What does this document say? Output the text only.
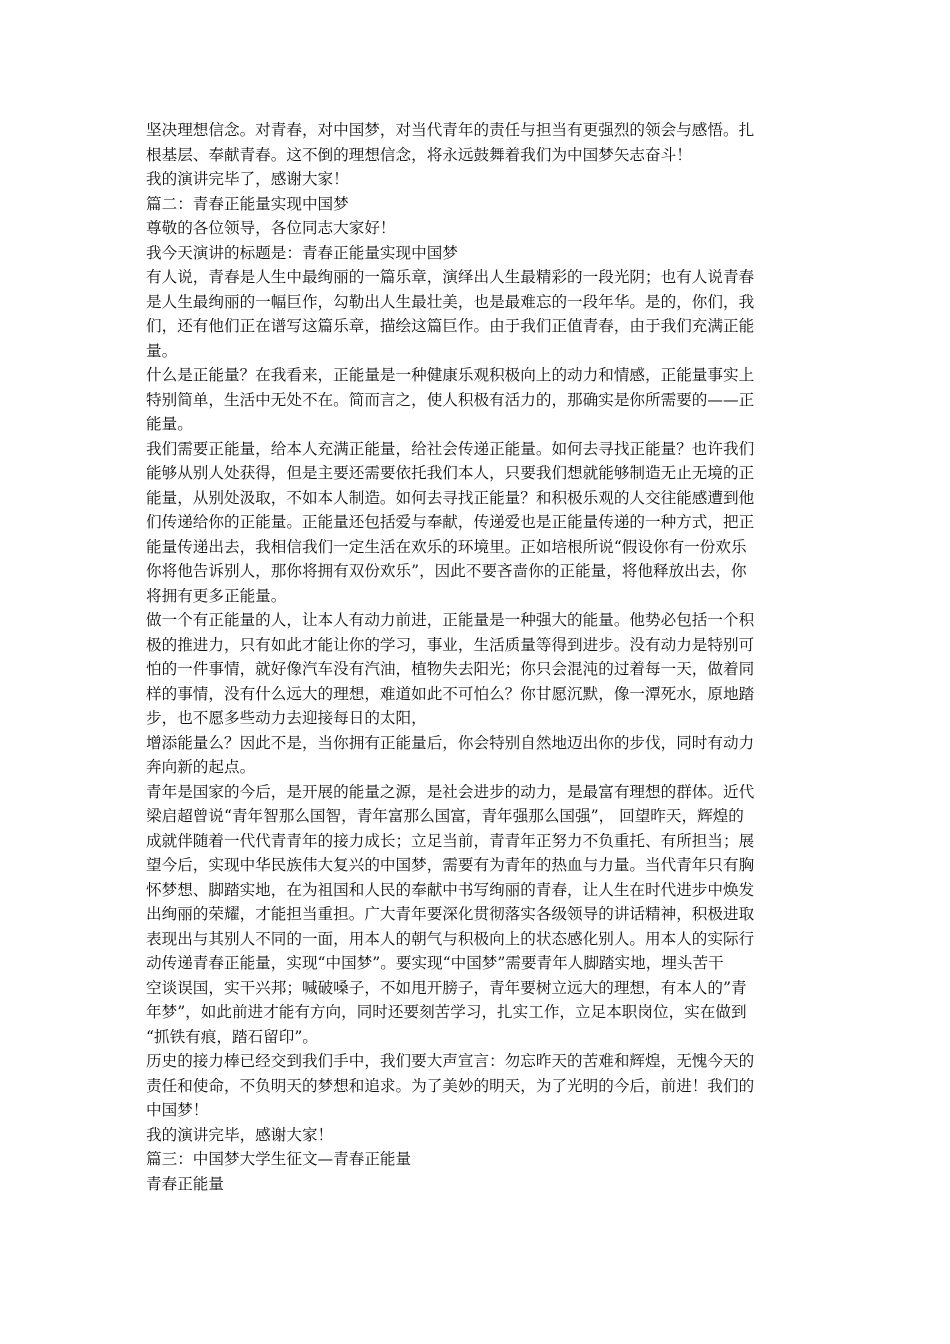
坚决理想信念。对青春，对中国梦，对当代青年的责任与担当有更强烈的领会与感悟。扎
根基层、奉献青春。这不倒的理想信念，将永远鼓舞着我们为中国梦矢志奋斗！
我的演讲完毕了，感谢大家！
篇二：青春正能量实现中国梦
尊敬的各位领导，各位同志大家好！
我今天演讲的标题是：青春正能量实现中国梦
有人说，青春是人生中最绚丽的一篇乐章，演绎出人生最精彩的一段光阴；也有人说青春
是人生最绚丽的一幅巨作，勾勒出人生最壮美，也是最难忘的一段年华。是的，你们，我
们，还有他们正在谱写这篇乐章，描绘这篇巨作。由于我们正值青春，由于我们充满正能
量。
什么是正能量？在我看来，正能量是一种健康乐观积极向上的动力和情感，正能量事实上
特别简单，生活中无处不在。简而言之，使人积极有活力的，那确实是你所需要的——正
能量。
我们需要正能量，给本人充满正能量，给社会传递正能量。如何去寻找正能量？也许我们
能够从别人处获得，但是主要还需要依托我们本人，只要我们想就能够制造无止无境的正
能量，从别处汲取，不如本人制造。如何去寻找正能量？和积极乐观的人交往能感遭到他
们传递给你的正能量。正能量还包括爱与奉献，传递爱也是正能量传递的一种方式，把正
能量传递出去，我相信我们一定生活在欢乐的环境里。正如培根所说“假设你有一份欢乐
你将他告诉别人，那你将拥有双份欢乐”，因此不要吝啬你的正能量，将他释放出去，你
将拥有更多正能量。
做一个有正能量的人，让本人有动力前进，正能量是一种强大的能量。他势必包括一个积
极的推进力，只有如此才能让你的学习，事业，生活质量等得到进步。没有动力是特别可
怕的一件事情，就好像汽车没有汽油，植物失去阳光；你只会混沌的过着每一天，做着同
样的事情，没有什么远大的理想，难道如此不可怕么？你甘愿沉默，像一潭死水，原地踏
步，也不愿多些动力去迎接每日的太阳，
增添能量么？因此不是，当你拥有正能量后，你会特别自然地迈出你的步伐，同时有动力
奔向新的起点。
青年是国家的今后，是开展的能量之源，是社会进步的动力，是最富有理想的群体。近代
梁启超曾说“青年智那么国智，青年富那么国富，青年强那么国强”， 回望昨天，辉煌的
成就伴随着一代代青青年的接力成长；立足当前，青青年正努力不负重托、有所担当；展
望今后，实现中华民族伟大复兴的中国梦，需要有为青年的热血与力量。当代青年只有胸
怀梦想、脚踏实地，在为祖国和人民的奉献中书写绚丽的青春，让人生在时代进步中焕发
出绚丽的荣耀，才能担当重担。广大青年要深化贯彻落实各级领导的讲话精神，积极进取
表现出与其别人不同的一面，用本人的朝气与积极向上的状态感化别人。用本人的实际行
动传递青春正能量，实现“中国梦”。要实现“中国梦”需要青年人脚踏实地，埋头苦干
空谈误国，实干兴邦；喊破嗓子，不如甩开膀子，青年要树立远大的理想，有本人的”青
年梦”，如此前进才能有方向，同时还要刻苦学习，扎实工作，立足本职岗位，实在做到
“抓铁有痕，踏石留印”。
历史的接力棒已经交到我们手中，我们要大声宣言：勿忘昨天的苦难和辉煌，无愧今天的
责任和使命，不负明天的梦想和追求。为了美妙的明天，为了光明的今后，前进！我们的
中国梦！
我的演讲完毕，感谢大家！
篇三：中国梦大学生征文—青春正能量
青春正能量
